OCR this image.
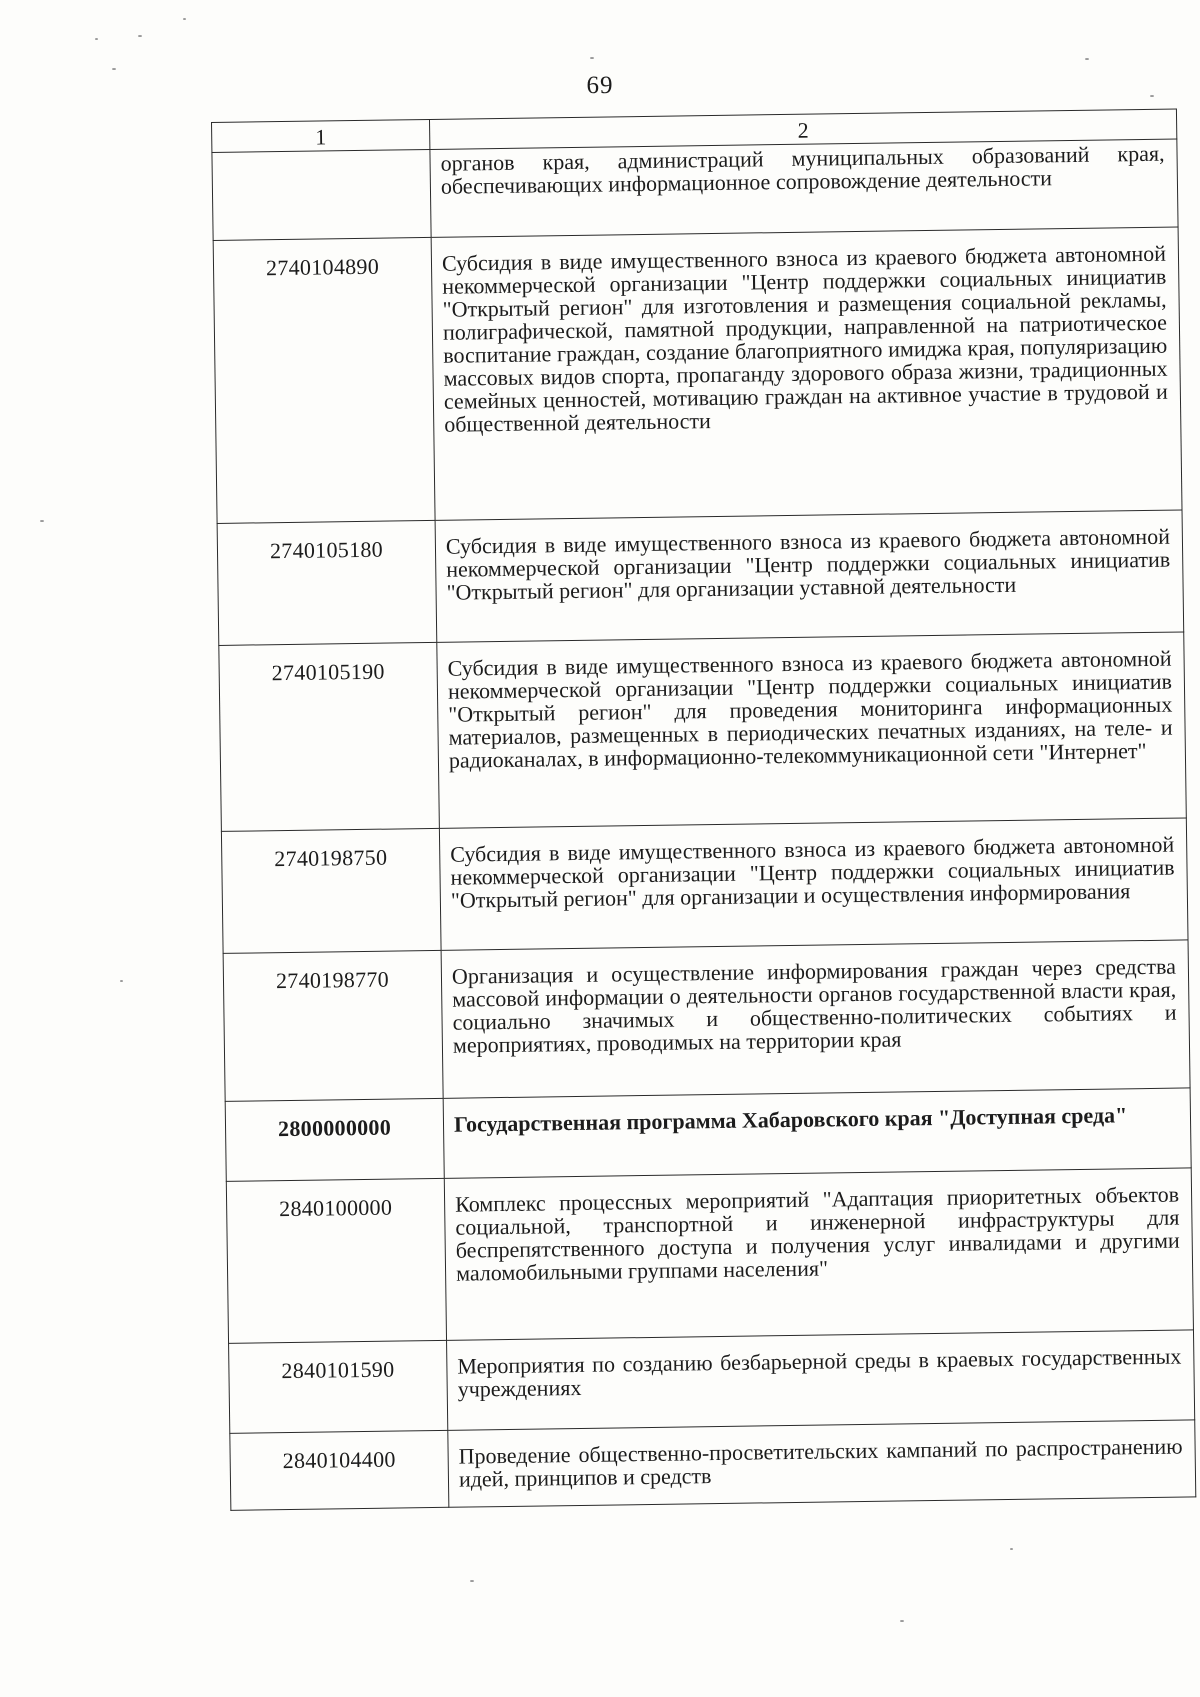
69
1	2
	органов края, администраций муниципальных образований края, обеспечивающих информационное сопровождение деятельности
2740104890	Субсидия в виде имущественного взноса из краевого бюджета автономной некоммерческой организации "Центр поддержки социальных инициатив "Открытый регион" для изготовления и размещения социальной рекламы, полиграфической, памятной продукции, направленной на патриотическое воспитание граждан, создание благоприятного имиджа края, популяризацию массовых видов спорта, пропаганду здорового образа жизни, традиционных семейных ценностей, мотивацию граждан на активное участие в трудовой и общественной деятельности
2740105180	Субсидия в виде имущественного взноса из краевого бюджета автономной некоммерческой организации "Центр поддержки социальных инициатив "Открытый регион" для организации уставной деятельности
2740105190	Субсидия в виде имущественного взноса из краевого бюджета автономной некоммерческой организации "Центр поддержки социальных инициатив "Открытый регион" для проведения мониторинга информационных материалов, размещенных в периодических печатных изданиях, на теле- и радиоканалах, в информационно-телекоммуникационной сети "Интернет"
2740198750	Субсидия в виде имущественного взноса из краевого бюджета автономной некоммерческой организации "Центр поддержки социальных инициатив "Открытый регион" для организации и осуществления информирования
2740198770	Организация и осуществление информирования граждан через средства массовой информации о деятельности органов государственной власти края, социально значимых и общественно-политических событиях и мероприятиях, проводимых на территории края
2800000000	Государственная программа Хабаровского края "Доступная среда"
2840100000	Комплекс процессных мероприятий "Адаптация приоритетных объектов социальной, транспортной и инженерной инфраструктуры для беспрепятственного доступа и получения услуг инвалидами и другими маломобильными группами населения"
2840101590	Мероприятия по созданию безбарьерной среды в краевых государственных учреждениях
2840104400	Проведение общественно-просветительских кампаний по распространению идей, принципов и средств
